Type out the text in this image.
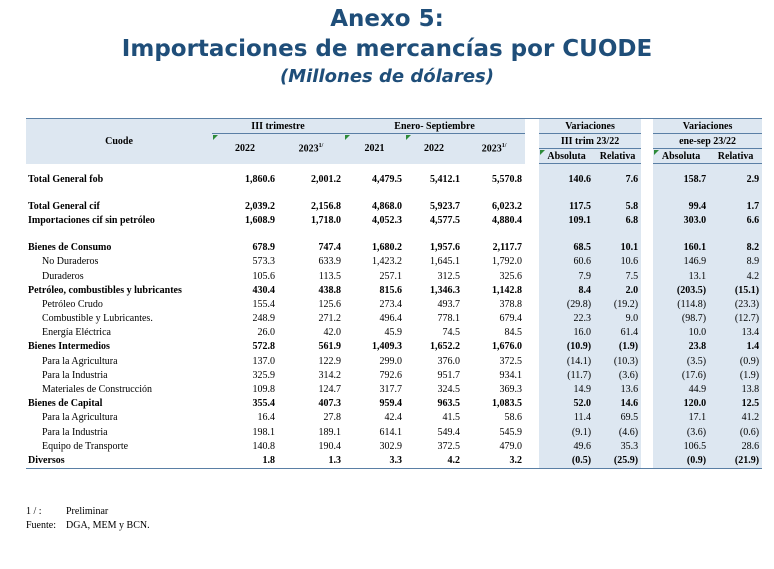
Anexo 5:
Importaciones de mercancías por CUODE
(Millones de dólares)
Cuode	III trimestre		Enero- Septiembre				Variaciones			Variaciones	
	2022	$2023^{1/}$	2021	2022	$2023^{1/}$		III trim 23/22			ene-sep 23/22	
							Absoluta	Relativa		Absoluta	Relativa

Total General fob	1,860.6	2,001.2	4,479.5	5,412.1	5,570.8		140.6	7.6		158.7	2.9

Total General cif	2,039.2	2,156.8	4,868.0	5,923.7	6,023.2		117.5	5.8		99.4	1.7
Importaciones cif sin petróleo	1,608.9	1,718.0	4,052.3	4,577.5	4,880.4		109.1	6.8		303.0	6.6

Bienes de Consumo	678.9	747.4	1,680.2	1,957.6	2,117.7		68.5	10.1		160.1	8.2
No Duraderos	573.3	633.9	1,423.2	1,645.1	1,792.0		60.6	10.6		146.9	8.9
Duraderos	105.6	113.5	257.1	312.5	325.6		7.9	7.5		13.1	4.2
Petróleo, combustibles y lubricantes	430.4	438.8	815.6	1,346.3	1,142.8		8.4	2.0		(203.5)	(15.1)
Petróleo Crudo	155.4	125.6	273.4	493.7	378.8		(29.8)	(19.2)		(114.8)	(23.3)
Combustible y Lubricantes.	248.9	271.2	496.4	778.1	679.4		22.3	9.0		(98.7)	(12.7)
Energía Eléctrica	26.0	42.0	45.9	74.5	84.5		16.0	61.4		10.0	13.4
Bienes Intermedios	572.8	561.9	1,409.3	1,652.2	1,676.0		(10.9)	(1.9)		23.8	1.4
Para la Agricultura	137.0	122.9	299.0	376.0	372.5		(14.1)	(10.3)		(3.5)	(0.9)
Para la Industria	325.9	314.2	792.6	951.7	934.1		(11.7)	(3.6)		(17.6)	(1.9)
Materiales de Construcción	109.8	124.7	317.7	324.5	369.3		14.9	13.6		44.9	13.8
Bienes de Capital	355.4	407.3	959.4	963.5	1,083.5		52.0	14.6		120.0	12.5
Para la Agricultura	16.4	27.8	42.4	41.5	58.6		11.4	69.5		17.1	41.2
Para la Industria	198.1	189.1	614.1	549.4	545.9		(9.1)	(4.6)		(3.6)	(0.6)
Equipo de Transporte	140.8	190.4	302.9	372.5	479.0		49.6	35.3		106.5	28.6
Diversos	1.8	1.3	3.3	4.2	3.2		(0.5)	(25.9)		(0.9)	(21.9)
1 / : Preliminar
Fuente: DGA, MEM y BCN.
